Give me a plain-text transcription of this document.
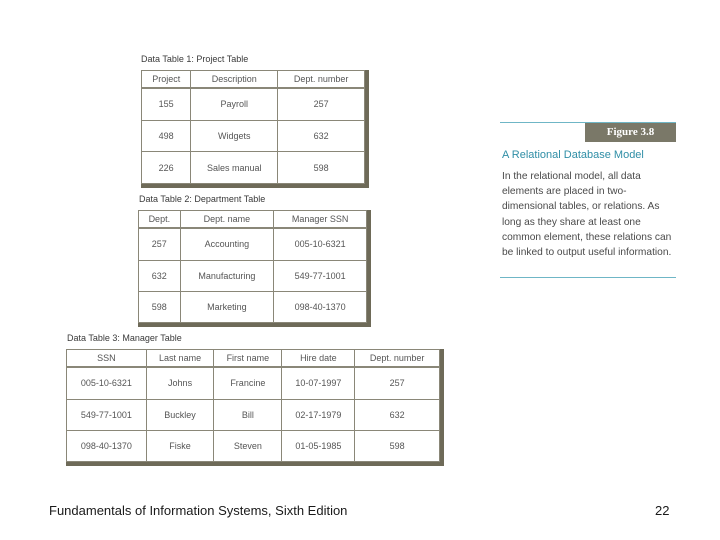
Data Table 1: Project Table
Project	Description	Dept. number
155	Payroll	257
498	Widgets	632
226	Sales manual	598
Data Table 2: Department Table
Dept.	Dept. name	Manager SSN
257	Accounting	005-10-6321
632	Manufacturing	549-77-1001
598	Marketing	098-40-1370
Data Table 3: Manager Table
SSN	Last name	First name	Hire date	Dept. number
005-10-6321	Johns	Francine	10-07-1997	257
549-77-1001	Buckley	Bill	02-17-1979	632
098-40-1370	Fiske	Steven	01-05-1985	598
Figure 3.8
A Relational Database Model
In the relational model, all data elements are placed in two-dimensional tables, or relations. As long as they share at least one common element, these relations can be linked to output useful information.
Fundamentals of Information Systems, Sixth Edition	22
